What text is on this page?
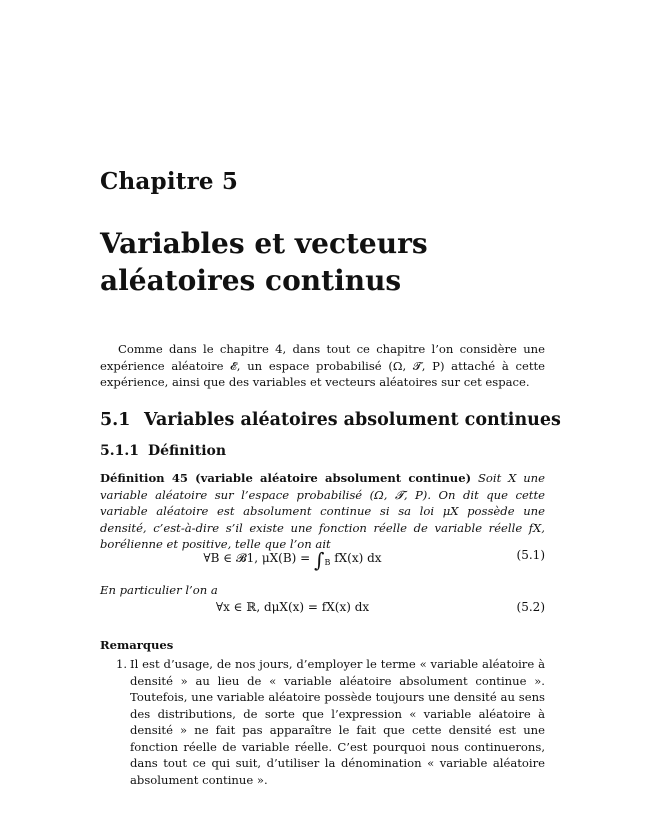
Chapitre 5
Variables et vecteurs
aléatoires continus

Comme dans le chapitre 4, dans tout ce chapitre l’on considère une expérience aléatoire 𝓔, un espace probabilisé (Ω, 𝓣, P) attaché à cette expérience, ainsi que des variables et vecteurs aléatoires sur cet espace.

5.1 Variables aléatoires absolument continues
5.1.1 Définition

Définition 45 (variable aléatoire absolument continue) Soit X une variable aléatoire sur l’espace probabilisé (Ω, 𝓣, P). On dit que cette variable aléatoire est absolument continue si sa loi μX possède une densité, c’est-à-dire s’il existe une fonction réelle de variable réelle fX, borélienne et positive, telle que l’on ait

∀B ∈ 𝓑1, $\mu X(B) = \int_B$ fX(x) dx	(5.1)
En particulier l’on a
∀x ∈ ℝ, dμX(x) = fX(x) dx	(5.2)
Remarques
1. Il est d’usage, de nos jours, d’employer le terme « variable aléatoire à densité » au lieu de « variable aléatoire absolument continue ». Toutefois, une variable aléatoire possède toujours une densité au sens des distributions, de sorte que l’expression « variable aléatoire à densité » ne fait pas apparaître le fait que cette densité est une fonction réelle de variable réelle. C’est pourquoi nous continuerons, dans tout ce qui suit, d’utiliser la dénomination « variable aléatoire absolument continue ».
